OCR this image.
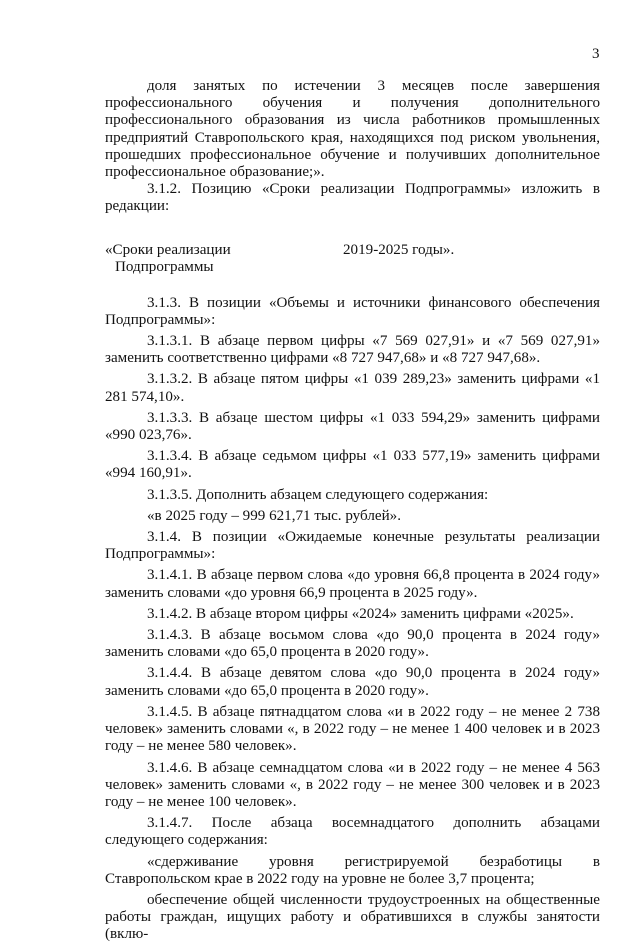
3

доля занятых по истечении 3 месяцев после завершения профессионального обучения и получения дополнительного профессионального образования из числа работников промышленных предприятий Ставропольского края, находящихся под риском увольнения, прошедших профессиональное обучение и получивших дополнительное профессиональное образование;».

3.1.2. Позицию «Сроки реализации Подпрограммы» изложить в редакции:

«Сроки реализации
Подпрограммы
2019-2025 годы».

3.1.3. В позиции «Объемы и источники финансового обеспечения Подпрограммы»:

3.1.3.1. В абзаце первом цифры «7 569 027,91» и «7 569 027,91» заменить соответственно цифрами «8 727 947,68» и «8 727 947,68».

3.1.3.2. В абзаце пятом цифры «1 039 289,23» заменить цифрами «1 281 574,10».

3.1.3.3. В абзаце шестом цифры «1 033 594,29» заменить цифрами «990 023,76».

3.1.3.4. В абзаце седьмом цифры «1 033 577,19» заменить цифрами «994 160,91».

3.1.3.5. Дополнить абзацем следующего содержания:

«в 2025 году – 999 621,71 тыс. рублей».

3.1.4. В позиции «Ожидаемые конечные результаты реализации Подпрограммы»:

3.1.4.1. В абзаце первом слова «до уровня 66,8 процента в 2024 году» заменить словами «до уровня 66,9 процента в 2025 году».

3.1.4.2. В абзаце втором цифры «2024» заменить цифрами «2025».

3.1.4.3. В абзаце восьмом слова «до 90,0 процента в 2024 году» заменить словами «до 65,0 процента в 2020 году».

3.1.4.4. В абзаце девятом слова «до 90,0 процента в 2024 году» заменить словами «до 65,0 процента в 2020 году».

3.1.4.5. В абзаце пятнадцатом слова «и в 2022 году – не менее 2 738 человек» заменить словами «, в 2022 году – не менее 1 400 человек и в 2023 году – не менее 580 человек».

3.1.4.6. В абзаце семнадцатом слова «и в 2022 году – не менее 4 563 человек» заменить словами «, в 2022 году – не менее 300 человек и в 2023 году – не менее 100 человек».

3.1.4.7. После абзаца восемнадцатого дополнить абзацами следующего содержания:

«сдерживание уровня регистрируемой безработицы в Ставропольском крае в 2022 году на уровне не более 3,7 процента;

обеспечение общей численности трудоустроенных на общественные работы граждан, ищущих работу и обратившихся в службы занятости (вклю-
